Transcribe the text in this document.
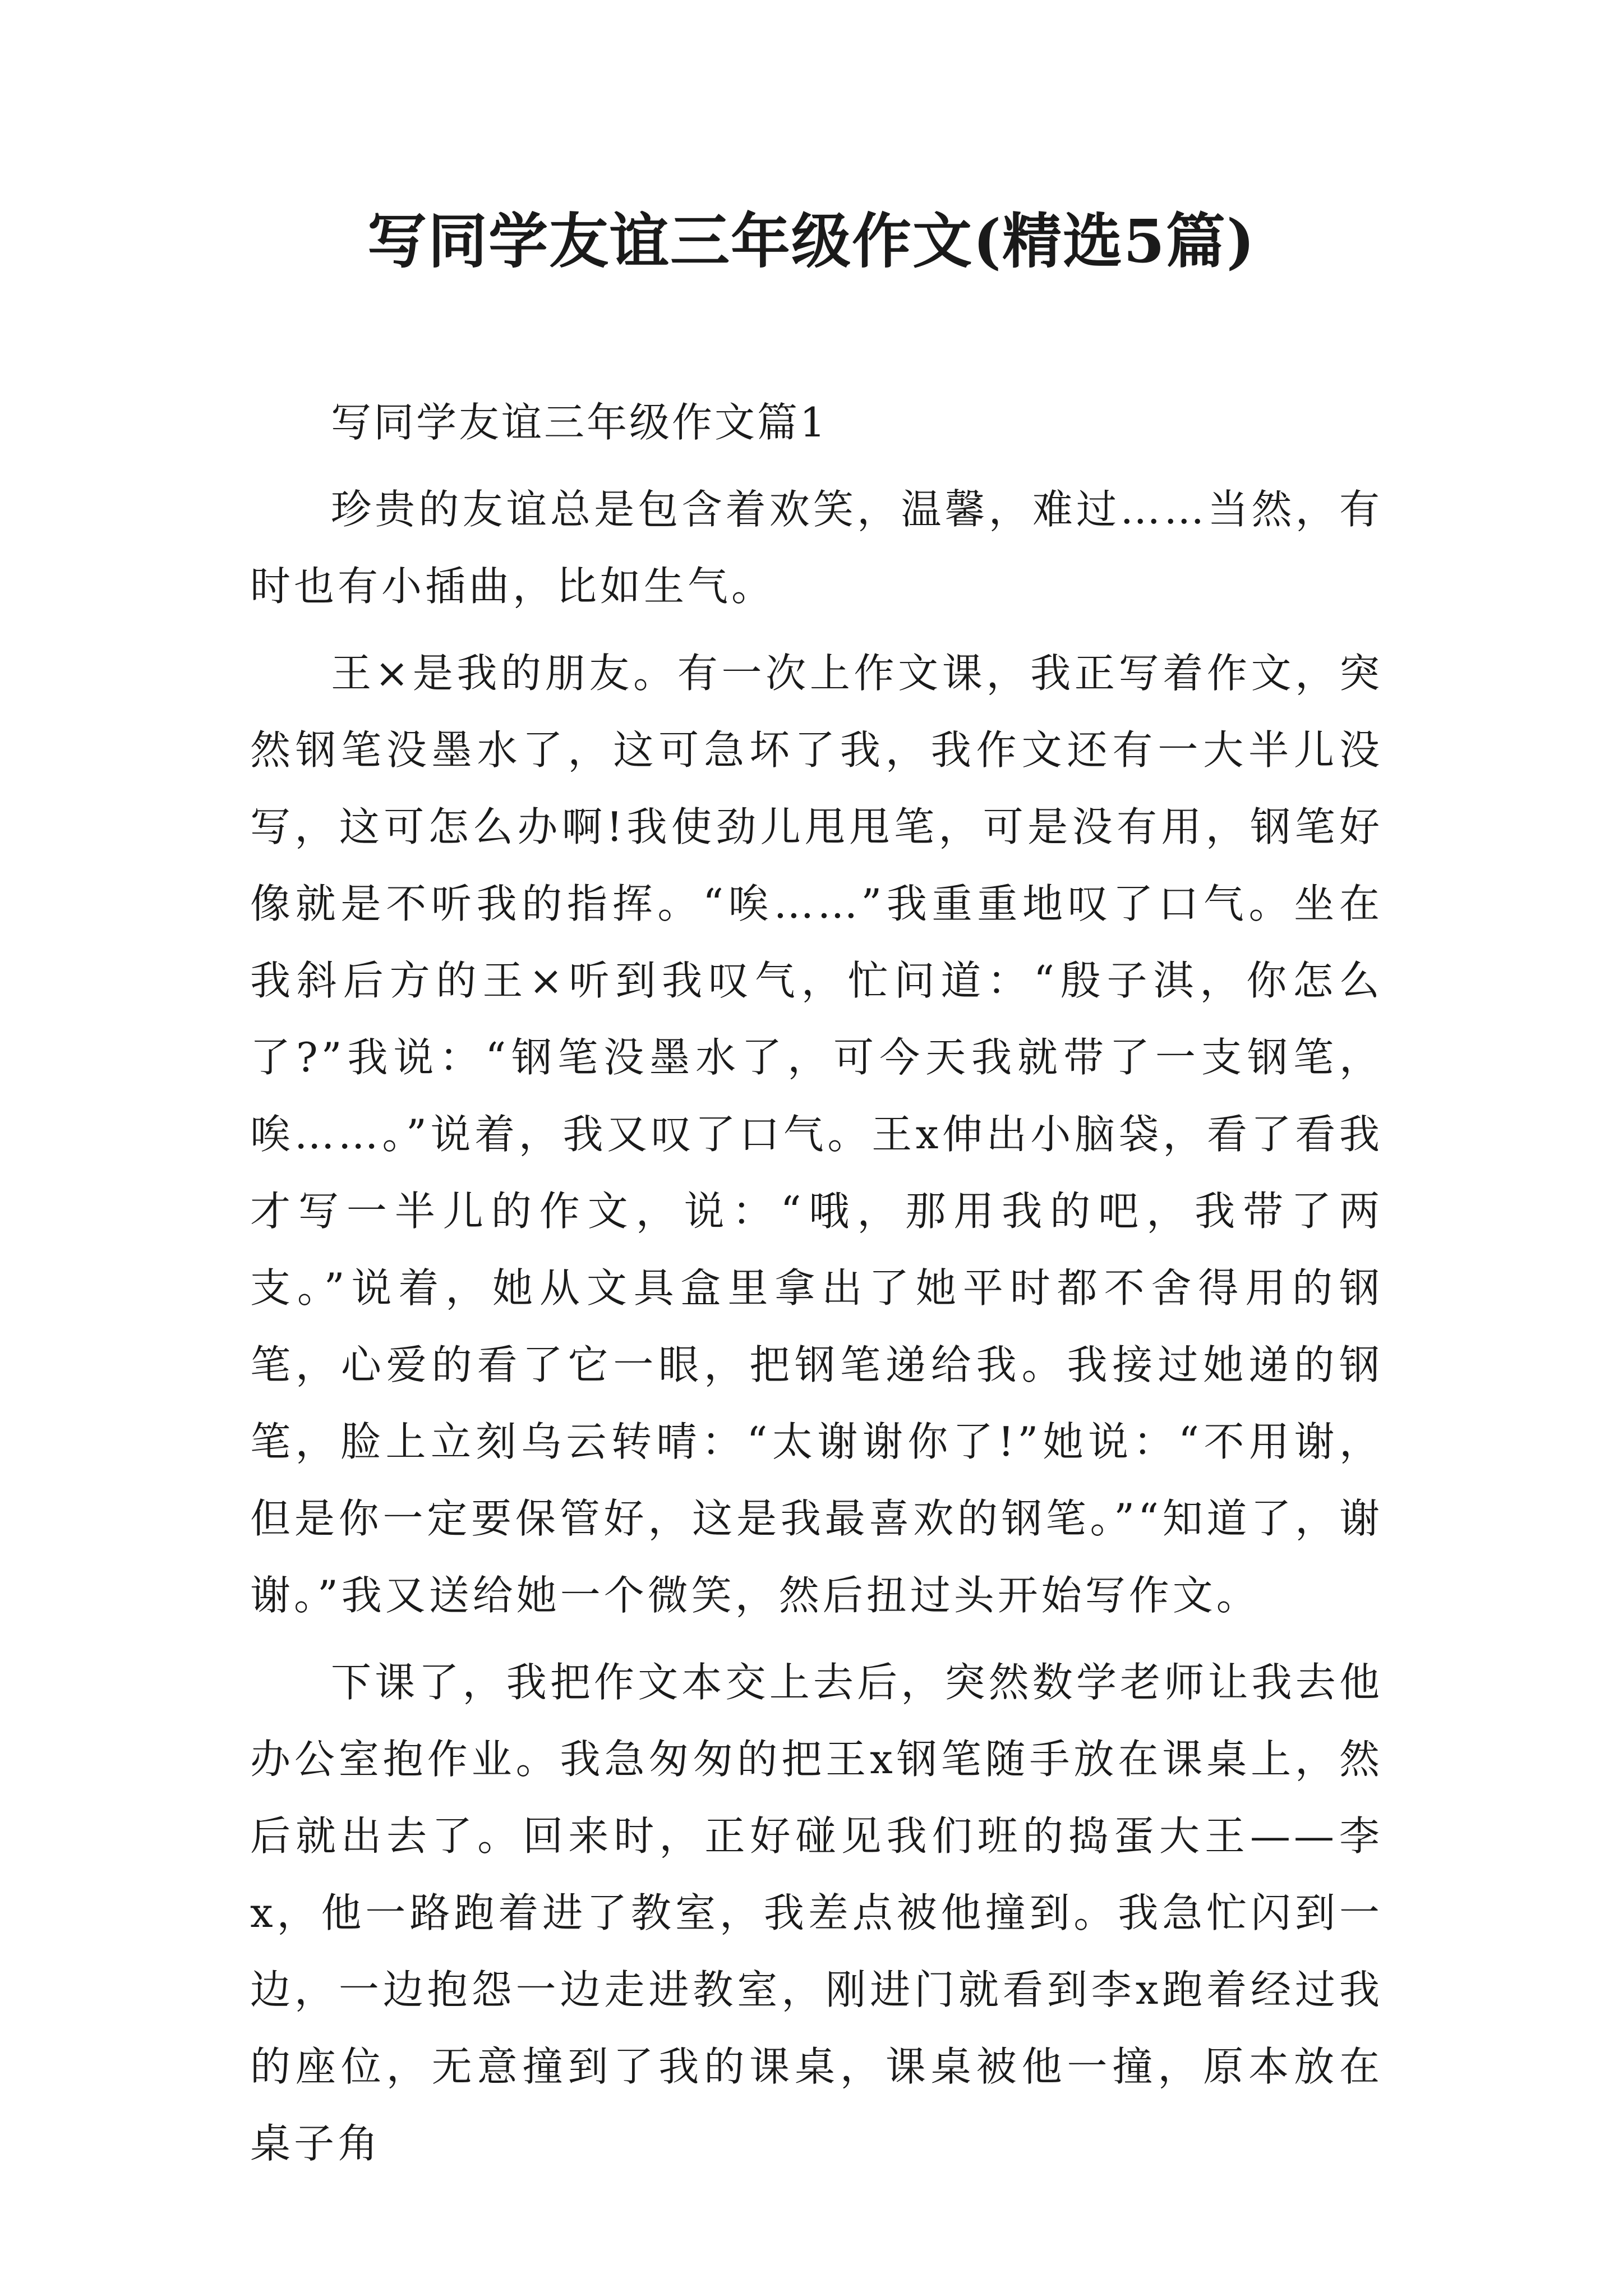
写同学友谊三年级作文(精选5篇)

写同学友谊三年级作文篇1

珍贵的友谊总是包含着欢笑，温馨，难过……当然，有时也有小插曲，比如生气。

王×是我的朋友。有一次上作文课，我正写着作文，突然钢笔没墨水了，这可急坏了我，我作文还有一大半儿没写，这可怎么办啊!我使劲儿甩甩笔，可是没有用，钢笔好像就是不听我的指挥。“唉……”我重重地叹了口气。坐在我斜后方的王×听到我叹气，忙问道：“殷子淇，你怎么了?”我说：“钢笔没墨水了，可今天我就带了一支钢笔，唉……。”说着，我又叹了口气。王x伸出小脑袋，看了看我才写一半儿的作文，说：“哦，那用我的吧，我带了两支。”说着，她从文具盒里拿出了她平时都不舍得用的钢笔，心爱的看了它一眼，把钢笔递给我。我接过她递的钢笔，脸上立刻乌云转晴：“太谢谢你了!”她说：“不用谢，但是你一定要保管好，这是我最喜欢的钢笔。”“知道了，谢谢。”我又送给她一个微笑，然后扭过头开始写作文。

下课了，我把作文本交上去后，突然数学老师让我去他办公室抱作业。我急匆匆的把王x钢笔随手放在课桌上，然后就出去了。回来时，正好碰见我们班的捣蛋大王——李x，他一路跑着进了教室，我差点被他撞到。我急忙闪到一边，一边抱怨一边走进教室，刚进门就看到李x跑着经过我的座位，无意撞到了我的课桌，课桌被他一撞，原本放在桌子角
